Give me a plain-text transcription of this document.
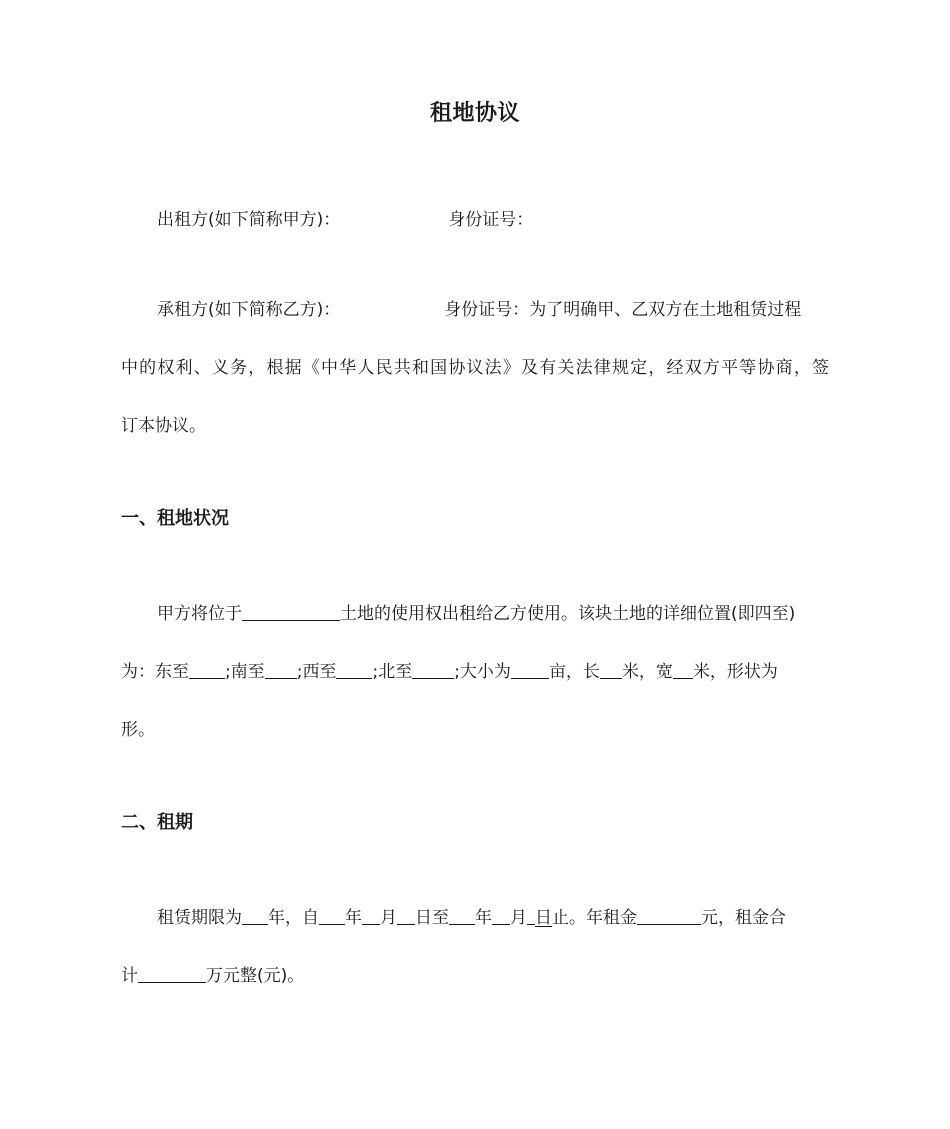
租地协议
出租方(如下简称甲方)：	身份证号：
承租方(如下简称乙方)：	身份证号：为了明确甲、乙双方在土地租赁过程
中的权利、义务，根据《中华人民共和国协议法》及有关法律规定，经双方平等协商，签
订本协议。
一、租地状况
甲方将位于	土地的使用权出租给乙方使用。该块土地的详细位置(即四至)
为：东至 ;南至 ;西至 ;北至 ;大小为 亩，长 米，宽 米，形状为
形。
二、租期
租赁期限为 年，自 年 月 日至 年 月 日止。年租金	元，租金合
计	万元整(元)。
